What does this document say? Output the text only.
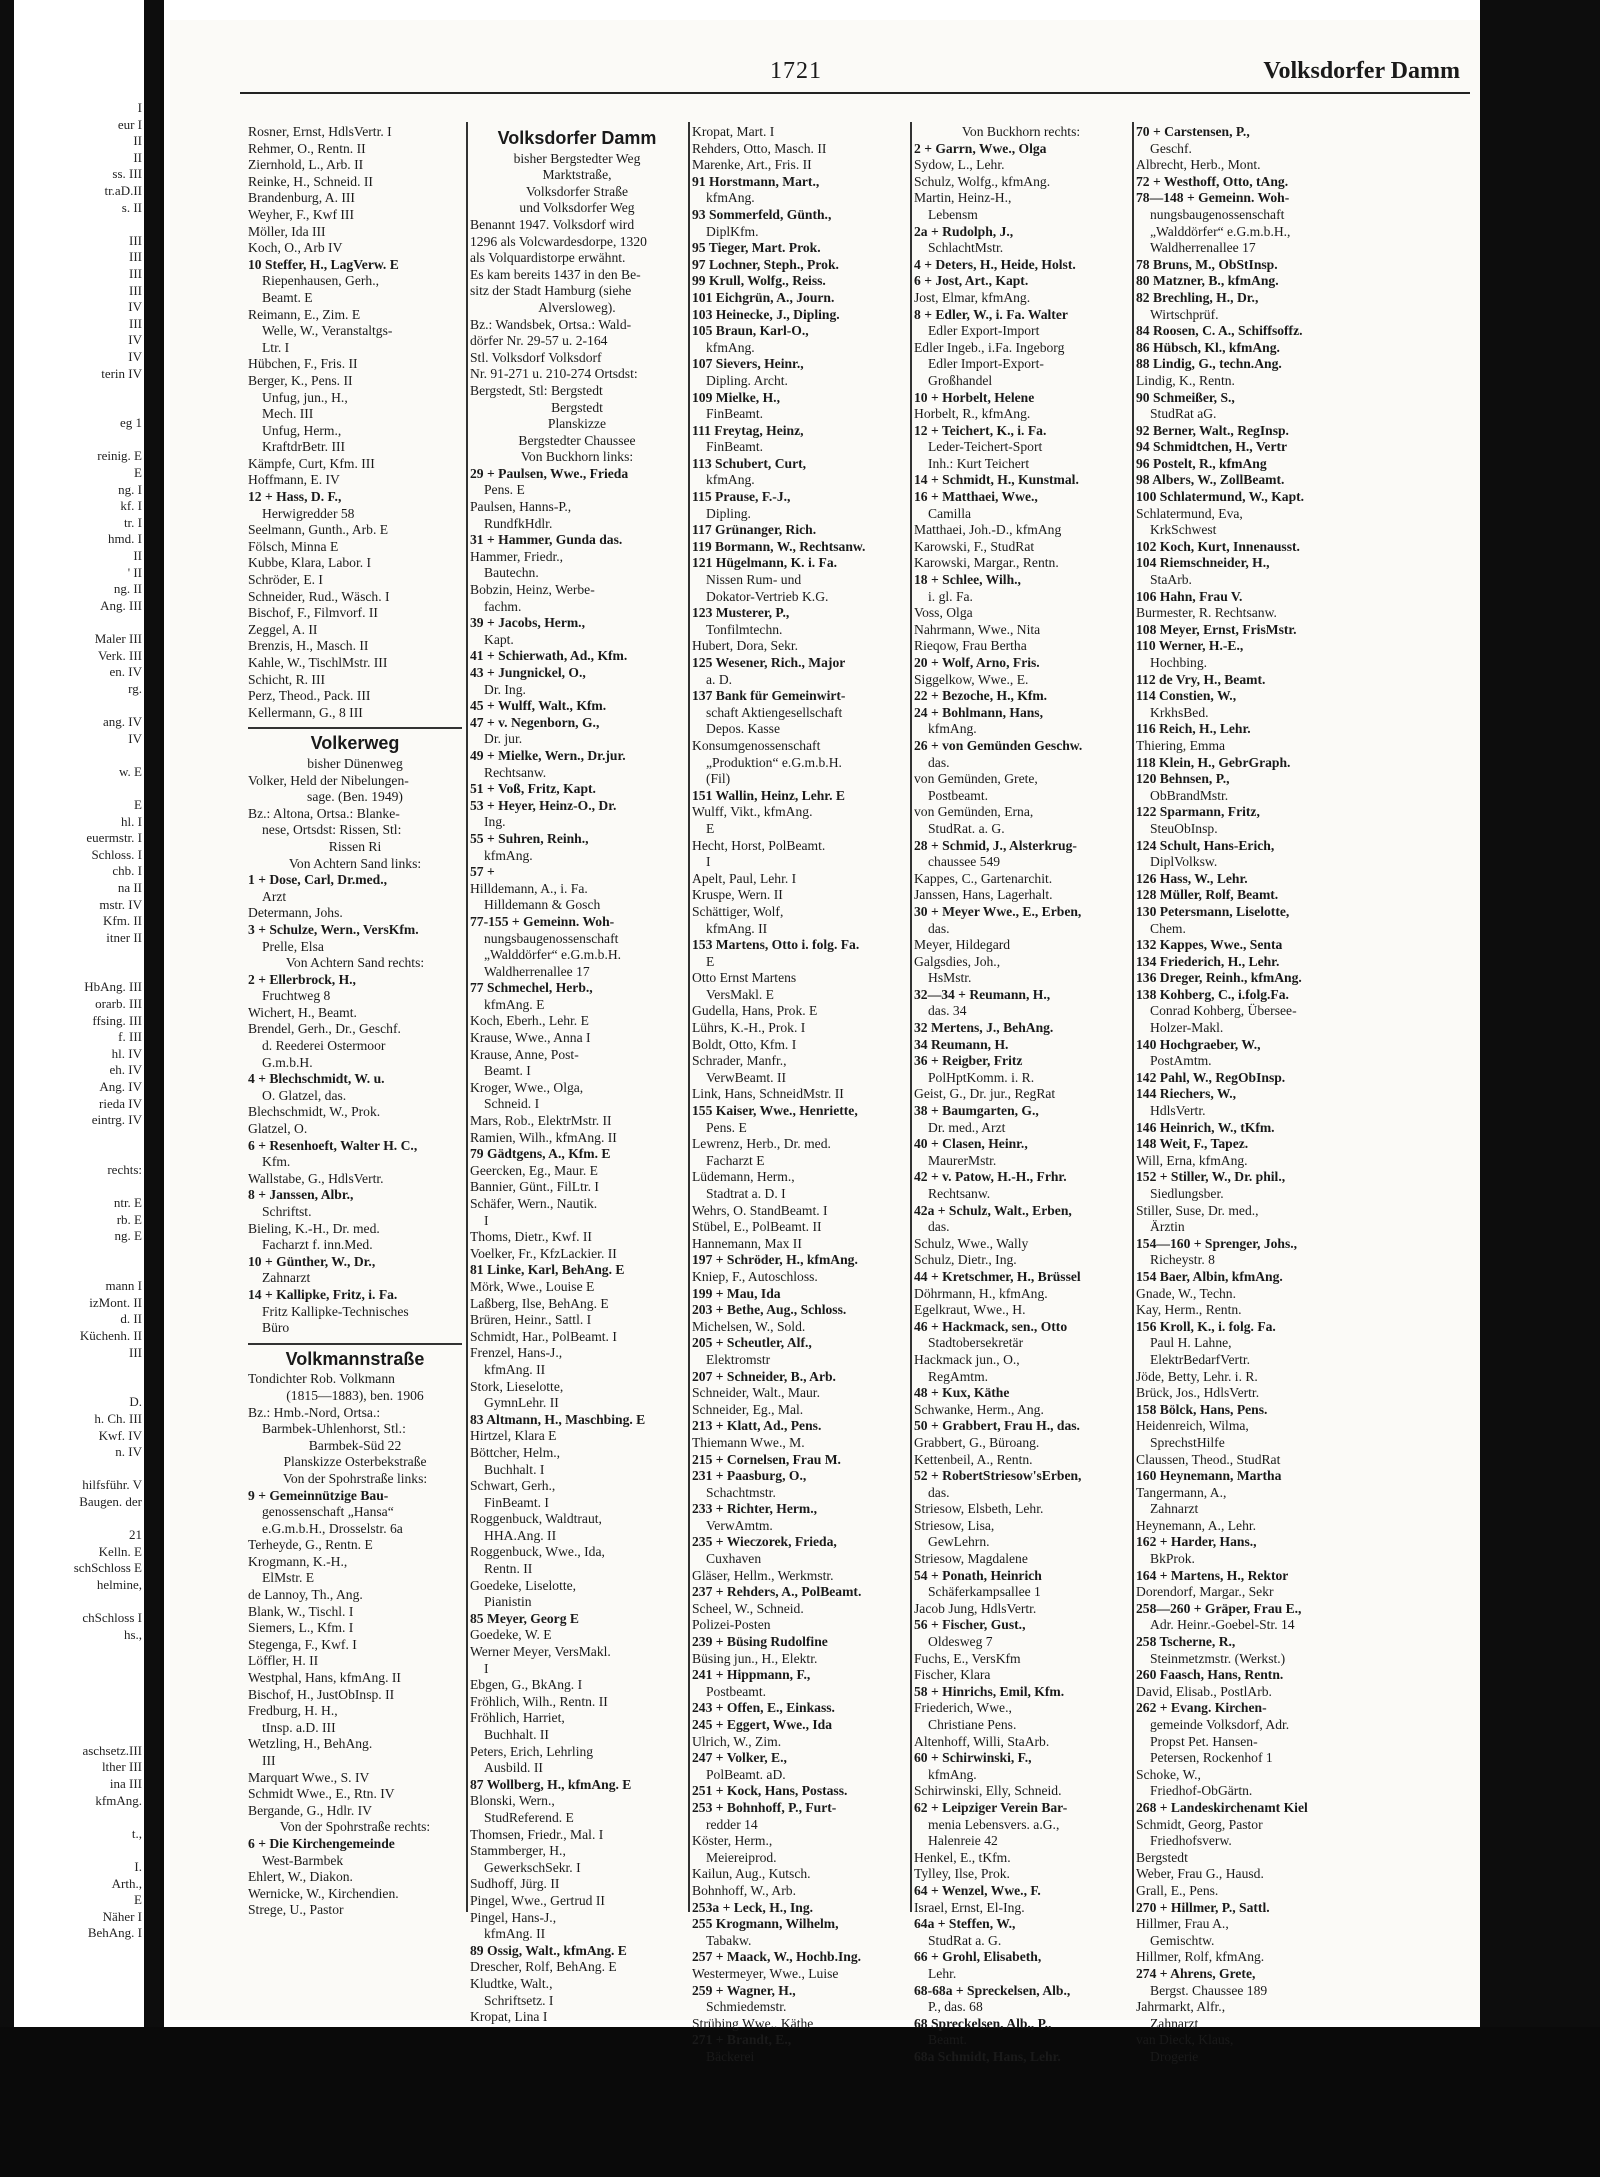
I
eur I
II
II
ss. III
tr.aD.II
s. II

III
III
III
III
IV
III
IV
IV
terin IV

eg 1

reinig. E
E
ng. I
kf. I
tr. I
hmd. I
II
' II
ng. II
Ang. III

Maler III
Verk. III
en. IV
rg.

ang. IV
IV

w. E

E
hl. I
euermstr. I
Schloss. I
chb. I
na II
mstr. IV
Kfm. II
itner II

HbAng. III
orarb. III
ffsing. III
f. III
hl. IV
eh. IV
Ang. IV
rieda IV
eintrg. IV

rechts:

ntr. E
rb. E
ng. E

mann I
izMont. II
d. II
Küchenh. II
III

D.
h. Ch. III
Kwf. IV
n. IV

hilfsführ. V
Baugen. der

21
Kelln. E
schSchloss E
helmine,

chSchloss I
hs.,

aschsetz.III
lther III
ina III
kfmAng.

t.,

I.
Arth.,
E
Näher I
BehAng. I
1721	Volksdorfer Damm
Rosner, Ernst, HdlsVertr. I
Rehmer, O., Rentn. II
Ziernhold, L., Arb. II
Reinke, H., Schneid. II
Brandenburg, A. III
Weyher, F., Kwf III
Möller, Ida III
Koch, O., Arb IV
10 Steffer, H., LagVerw. E
Riepenhausen, Gerh.,
Beamt. E
Reimann, E., Zim. E
Welle, W., Veranstaltgs-
Ltr. I
Hübchen, F., Fris. II
Berger, K., Pens. II
Unfug, jun., H.,
Mech. III
Unfug, Herm.,
KraftdrBetr. III
Kämpfe, Curt, Kfm. III
Hoffmann, E. IV
12 + Hass, D. F.,
Herwigredder 58
Seelmann, Gunth., Arb. E
Fölsch, Minna E
Kubbe, Klara, Labor. I
Schröder, E. I
Schneider, Rud., Wäsch. I
Bischof, F., Filmvorf. II
Zeggel, A. II
Brenzis, H., Masch. II
Kahle, W., TischlMstr. III
Schicht, R. III
Perz, Theod., Pack. III
Kellermann, G., 8 III
Volkerweg
bisher Dünenweg
Volker, Held der Nibelungen-
sage. (Ben. 1949)
Bz.: Altona, Ortsa.: Blanke-
nese, Ortsdst: Rissen, Stl:
Rissen Ri
Von Achtern Sand links:
1 + Dose, Carl, Dr.med.,
Arzt
Determann, Johs.
3 + Schulze, Wern., VersKfm.
Prelle, Elsa
Von Achtern Sand rechts:
2 + Ellerbrock, H.,
Fruchtweg 8
Wichert, H., Beamt.
Brendel, Gerh., Dr., Geschf.
d. Reederei Ostermoor
G.m.b.H.
4 + Blechschmidt, W. u.
O. Glatzel, das.
Blechschmidt, W., Prok.
Glatzel, O.
6 + Resenhoeft, Walter H. C.,
Kfm.
Wallstabe, G., HdlsVertr.
8 + Janssen, Albr.,
Schriftst.
Bieling, K.-H., Dr. med.
Facharzt f. inn.Med.
10 + Günther, W., Dr.,
Zahnarzt
14 + Kallipke, Fritz, i. Fa.
Fritz Kallipke-Technisches
Büro
Volkmannstraße
Tondichter Rob. Volkmann
(1815—1883), ben. 1906
Bz.: Hmb.-Nord, Ortsa.:
Barmbek-Uhlenhorst, Stl.:
Barmbek-Süd 22
Planskizze Osterbekstraße
Von der Spohrstraße links:
9 + Gemeinnützige Bau-
genossenschaft „Hansa“
e.G.m.b.H., Drosselstr. 6a
Terheyde, G., Rentn. E
Krogmann, K.-H.,
ElMstr. E
de Lannoy, Th., Ang.
Blank, W., Tischl. I
Siemers, L., Kfm. I
Stegenga, F., Kwf. I
Löffler, H. II
Westphal, Hans, kfmAng. II
Bischof, H., JustObInsp. II
Fredburg, H. H.,
tInsp. a.D. III
Wetzling, H., BehAng.
III
Marquart Wwe., S. IV
Schmidt Wwe., E., Rtn. IV
Bergande, G., Hdlr. IV
Von der Spohrstraße rechts:
6 + Die Kirchengemeinde
West-Barmbek
Ehlert, W., Diakon.
Wernicke, W., Kirchendien.
Strege, U., Pastor
Volksdorfer Damm
bisher Bergstedter Weg
Marktstraße,
Volksdorfer Straße
und Volksdorfer Weg
Benannt 1947. Volksdorf wird
1296 als Volcwardesdorpe, 1320
als Volquardistorpe erwähnt.
Es kam bereits 1437 in den Be-
sitz der Stadt Hamburg (siehe
Alversloweg).
Bz.: Wandsbek, Ortsa.: Wald-
dörfer Nr. 29-57 u. 2-164
Stl. Volksdorf Volksdorf
Nr. 91-271 u. 210-274 Ortsdst:
Bergstedt, Stl: Bergstedt
Bergstedt
Planskizze
Bergstedter Chaussee
Von Buckhorn links:
29 + Paulsen, Wwe., Frieda
Pens. E
Paulsen, Hanns-P.,
RundfkHdlr.
31 + Hammer, Gunda das.
Hammer, Friedr.,
Bautechn.
Bobzin, Heinz, Werbe-
fachm.
39 + Jacobs, Herm.,
Kapt.
41 + Schierwath, Ad., Kfm.
43 + Jungnickel, O.,
Dr. Ing.
45 + Wulff, Walt., Kfm.
47 + v. Negenborn, G.,
Dr. jur.
49 + Mielke, Wern., Dr.jur.
Rechtsanw.
51 + Voß, Fritz, Kapt.
53 + Heyer, Heinz-O., Dr.
Ing.
55 + Suhren, Reinh.,
kfmAng.
57 +
Hilldemann, A., i. Fa.
Hilldemann & Gosch
77-155 + Gemeinn. Woh-
nungsbaugenossenschaft
„Walddörfer“ e.G.m.b.H.
Waldherrenallee 17
77 Schmechel, Herb.,
kfmAng. E
Koch, Eberh., Lehr. E
Krause, Wwe., Anna I
Krause, Anne, Post-
Beamt. I
Kroger, Wwe., Olga,
Schneid. I
Mars, Rob., ElektrMstr. II
Ramien, Wilh., kfmAng. II
79 Gädtgens, A., Kfm. E
Geercken, Eg., Maur. E
Bannier, Günt., FilLtr. I
Schäfer, Wern., Nautik.
I
Thoms, Dietr., Kwf. II
Voelker, Fr., KfzLackier. II
81 Linke, Karl, BehAng. E
Mörk, Wwe., Louise E
Laßberg, Ilse, BehAng. E
Brüren, Heinr., Sattl. I
Schmidt, Har., PolBeamt. I
Frenzel, Hans-J.,
kfmAng. II
Stork, Lieselotte,
GymnLehr. II
83 Altmann, H., Maschbing. E
Hirtzel, Klara E
Böttcher, Helm.,
Buchhalt. I
Schwart, Gerh.,
FinBeamt. I
Roggenbuck, Waldtraut,
HHA.Ang. II
Roggenbuck, Wwe., Ida,
Rentn. II
Goedeke, Liselotte,
Pianistin
85 Meyer, Georg E
Goedeke, W. E
Werner Meyer, VersMakl.
I
Ebgen, G., BkAng. I
Fröhlich, Wilh., Rentn. II
Fröhlich, Harriet,
Buchhalt. II
Peters, Erich, Lehrling
Ausbild. II
87 Wollberg, H., kfmAng. E
Blonski, Wern.,
StudReferend. E
Thomsen, Friedr., Mal. I
Stammberger, H.,
GewerkschSekr. I
Sudhoff, Jürg. II
Pingel, Wwe., Gertrud II
Pingel, Hans-J.,
kfmAng. II
89 Ossig, Walt., kfmAng. E
Drescher, Rolf, BehAng. E
Kludtke, Walt.,
Schriftsetz. I
Kropat, Lina I
Kropat, Mart. I
Rehders, Otto, Masch. II
Marenke, Art., Fris. II
91 Horstmann, Mart.,
kfmAng.
93 Sommerfeld, Günth.,
DiplKfm.
95 Tieger, Mart. Prok.
97 Lochner, Steph., Prok.
99 Krull, Wolfg., Reiss.
101 Eichgrün, A., Journ.
103 Heinecke, J., Dipling.
105 Braun, Karl-O.,
kfmAng.
107 Sievers, Heinr.,
Dipling. Archt.
109 Mielke, H.,
FinBeamt.
111 Freytag, Heinz,
FinBeamt.
113 Schubert, Curt,
kfmAng.
115 Prause, F.-J.,
Dipling.
117 Grünanger, Rich.
119 Bormann, W., Rechtsanw.
121 Hügelmann, K. i. Fa.
Nissen Rum- und
Dokator-Vertrieb K.G.
123 Musterer, P.,
Tonfilmtechn.
Hubert, Dora, Sekr.
125 Wesener, Rich., Major
a. D.
137 Bank für Gemeinwirt-
schaft Aktiengesellschaft
Depos. Kasse
Konsumgenossenschaft
„Produktion“ e.G.m.b.H.
(Fil)
151 Wallin, Heinz, Lehr. E
Wulff, Vikt., kfmAng.
E
Hecht, Horst, PolBeamt.
I
Apelt, Paul, Lehr. I
Kruspe, Wern. II
Schättiger, Wolf,
kfmAng. II
153 Martens, Otto i. folg. Fa.
E
Otto Ernst Martens
VersMakl. E
Gudella, Hans, Prok. E
Lührs, K.-H., Prok. I
Boldt, Otto, Kfm. I
Schrader, Manfr.,
VerwBeamt. II
Link, Hans, SchneidMstr. II
155 Kaiser, Wwe., Henriette,
Pens. E
Lewrenz, Herb., Dr. med.
Facharzt E
Lüdemann, Herm.,
Stadtrat a. D. I
Wehrs, O. StandBeamt. I
Stübel, E., PolBeamt. II
Hannemann, Max II
197 + Schröder, H., kfmAng.
Kniep, F., Autoschloss.
199 + Mau, Ida
203 + Bethe, Aug., Schloss.
Michelsen, W., Sold.
205 + Scheutler, Alf.,
Elektromstr
207 + Schneider, B., Arb.
Schneider, Walt., Maur.
Schneider, Eg., Mal.
213 + Klatt, Ad., Pens.
Thiemann Wwe., M.
215 + Cornelsen, Frau M.
231 + Paasburg, O.,
Schachtmstr.
233 + Richter, Herm.,
VerwAmtm.
235 + Wieczorek, Frieda,
Cuxhaven
Gläser, Hellm., Werkmstr.
237 + Rehders, A., PolBeamt.
Scheel, W., Schneid.
Polizei-Posten
239 + Büsing Rudolfine
Büsing jun., H., Elektr.
241 + Hippmann, F.,
Postbeamt.
243 + Offen, E., Einkass.
245 + Eggert, Wwe., Ida
Ulrich, W., Zim.
247 + Volker, E.,
PolBeamt. aD.
251 + Kock, Hans, Postass.
253 + Bohnhoff, P., Furt-
redder 14
Köster, Herm.,
Meiereiprod.
Kailun, Aug., Kutsch.
Bohnhoff, W., Arb.
253a + Leck, H., Ing.
255 Krogmann, Wilhelm,
Tabakw.
257 + Maack, W., Hochb.Ing.
Westermeyer, Wwe., Luise
259 + Wagner, H.,
Schmiedemstr.
Strübing Wwe., Käthe
271 + Brandt, E.,
Bäckerei
Von Buckhorn rechts:
2 + Garrn, Wwe., Olga
Sydow, L., Lehr.
Schulz, Wolfg., kfmAng.
Martin, Heinz-H.,
Lebensm
2a + Rudolph, J.,
SchlachtMstr.
4 + Deters, H., Heide, Holst.
6 + Jost, Art., Kapt.
Jost, Elmar, kfmAng.
8 + Edler, W., i. Fa. Walter
Edler Export-Import
Edler Ingeb., i.Fa. Ingeborg
Edler Import-Export-
Großhandel
10 + Horbelt, Helene
Horbelt, R., kfmAng.
12 + Teichert, K., i. Fa.
Leder-Teichert-Sport
Inh.: Kurt Teichert
14 + Schmidt, H., Kunstmal.
16 + Matthaei, Wwe.,
Camilla
Matthaei, Joh.-D., kfmAng
Karowski, F., StudRat
Karowski, Margar., Rentn.
18 + Schlee, Wilh.,
i. gl. Fa.
Voss, Olga
Nahrmann, Wwe., Nita
Rieqow, Frau Bertha
20 + Wolf, Arno, Fris.
Siggelkow, Wwe., E.
22 + Bezoche, H., Kfm.
24 + Bohlmann, Hans,
kfmAng.
26 + von Gemünden Geschw.
das.
von Gemünden, Grete,
Postbeamt.
von Gemünden, Erna,
StudRat. a. G.
28 + Schmid, J., Alsterkrug-
chaussee 549
Kappes, C., Gartenarchit.
Janssen, Hans, Lagerhalt.
30 + Meyer Wwe., E., Erben,
das.
Meyer, Hildegard
Galgsdies, Joh.,
HsMstr.
32—34 + Reumann, H.,
das. 34
32 Mertens, J., BehAng.
34 Reumann, H.
36 + Reigber, Fritz
PolHptKomm. i. R.
Geist, G., Dr. jur., RegRat
38 + Baumgarten, G.,
Dr. med., Arzt
40 + Clasen, Heinr.,
MaurerMstr.
42 + v. Patow, H.-H., Frhr.
Rechtsanw.
42a + Schulz, Walt., Erben,
das.
Schulz, Wwe., Wally
Schulz, Dietr., Ing.
44 + Kretschmer, H., Brüssel
Döhrmann, H., kfmAng.
Egelkraut, Wwe., H.
46 + Hackmack, sen., Otto
Stadtobersekretär
Hackmack jun., O.,
RegAmtm.
48 + Kux, Käthe
Schwanke, Herm., Ang.
50 + Grabbert, Frau H., das.
Grabbert, G., Büroang.
Kettenbeil, A., Rentn.
52 + RobertStriesow'sErben,
das.
Striesow, Elsbeth, Lehr.
Striesow, Lisa,
GewLehrn.
Striesow, Magdalene
54 + Ponath, Heinrich
Schäferkampsallee 1
Jacob Jung, HdlsVertr.
56 + Fischer, Gust.,
Oldesweg 7
Fuchs, E., VersKfm
Fischer, Klara
58 + Hinrichs, Emil, Kfm.
Friederich, Wwe.,
Christiane Pens.
Altenhoff, Willi, StaArb.
60 + Schirwinski, F.,
kfmAng.
Schirwinski, Elly, Schneid.
62 + Leipziger Verein Bar-
menia Lebensvers. a.G.,
Halenreie 42
Henkel, E., tKfm.
Tylley, Ilse, Prok.
64 + Wenzel, Wwe., F.
Israel, Ernst, El-Ing.
64a + Steffen, W.,
StudRat a. G.
66 + Grohl, Elisabeth,
Lehr.
68-68a + Spreckelsen, Alb.,
P., das. 68
68 Spreckelsen, Alb., P.,
Beamt.
68a Schmidt, Hans, Lehr.
70 + Carstensen, P.,
Geschf.
Albrecht, Herb., Mont.
72 + Westhoff, Otto, tAng.
78—148 + Gemeinn. Woh-
nungsbaugenossenschaft
„Walddörfer“ e.G.m.b.H.,
Waldherrenallee 17
78 Bruns, M., ObStInsp.
80 Matzner, B., kfmAng.
82 Brechling, H., Dr.,
Wirtschprüf.
84 Roosen, C. A., Schiffsoffz.
86 Hübsch, Kl., kfmAng.
88 Lindig, G., techn.Ang.
Lindig, K., Rentn.
90 Schmeißer, S.,
StudRat aG.
92 Berner, Walt., RegInsp.
94 Schmidtchen, H., Vertr
96 Postelt, R., kfmAng
98 Albers, W., ZollBeamt.
100 Schlatermund, W., Kapt.
Schlatermund, Eva,
KrkSchwest
102 Koch, Kurt, Innenausst.
104 Riemschneider, H.,
StaArb.
106 Hahn, Frau V.
Burmester, R. Rechtsanw.
108 Meyer, Ernst, FrisMstr.
110 Werner, H.-E.,
Hochbing.
112 de Vry, H., Beamt.
114 Constien, W.,
KrkhsBed.
116 Reich, H., Lehr.
Thiering, Emma
118 Klein, H., GebrGraph.
120 Behnsen, P.,
ObBrandMstr.
122 Sparmann, Fritz,
SteuObInsp.
124 Schult, Hans-Erich,
DiplVolksw.
126 Hass, W., Lehr.
128 Müller, Rolf, Beamt.
130 Petersmann, Liselotte,
Chem.
132 Kappes, Wwe., Senta
134 Friederich, H., Lehr.
136 Dreger, Reinh., kfmAng.
138 Kohberg, C., i.folg.Fa.
Conrad Kohberg, Übersee-
Holzer-Makl.
140 Hochgraeber, W.,
PostAmtm.
142 Pahl, W., RegObInsp.
144 Riechers, W.,
HdlsVertr.
146 Heinrich, W., tKfm.
148 Weit, F., Tapez.
Will, Erna, kfmAng.
152 + Stiller, W., Dr. phil.,
Siedlungsber.
Stiller, Suse, Dr. med.,
Ärztin
154—160 + Sprenger, Johs.,
Richeystr. 8
154 Baer, Albin, kfmAng.
Gnade, W., Techn.
Kay, Herm., Rentn.
156 Kroll, K., i. folg. Fa.
Paul H. Lahne,
ElektrBedarfVertr.
Jöde, Betty, Lehr. i. R.
Brück, Jos., HdlsVertr.
158 Bölck, Hans, Pens.
Heidenreich, Wilma,
SprechstHilfe
Claussen, Theod., StudRat
160 Heynemann, Martha
Tangermann, A.,
Zahnarzt
Heynemann, A., Lehr.
162 + Harder, Hans.,
BkProk.
164 + Martens, H., Rektor
Dorendorf, Margar., Sekr
258—260 + Gräper, Frau E.,
Adr. Heinr.-Goebel-Str. 14
258 Tscherne, R.,
Steinmetzmstr. (Werkst.)
260 Faasch, Hans, Rentn.
David, Elisab., PostlArb.
262 + Evang. Kirchen-
gemeinde Volksdorf, Adr.
Propst Pet. Hansen-
Petersen, Rockenhof 1
Schoke, W.,
Friedhof-ObGärtn.
268 + Landeskirchenamt Kiel
Schmidt, Georg, Pastor
Friedhofsverw.
Bergstedt
Weber, Frau G., Hausd.
Grall, E., Pens.
270 + Hillmer, P., Sattl.
Hillmer, Frau A.,
Gemischtw.
Hillmer, Rolf, kfmAng.
274 + Ahrens, Grete,
Bergst. Chaussee 189
Jahrmarkt, Alfr.,
Zahnarzt
van Dieck, Klaus,
Drogerie
